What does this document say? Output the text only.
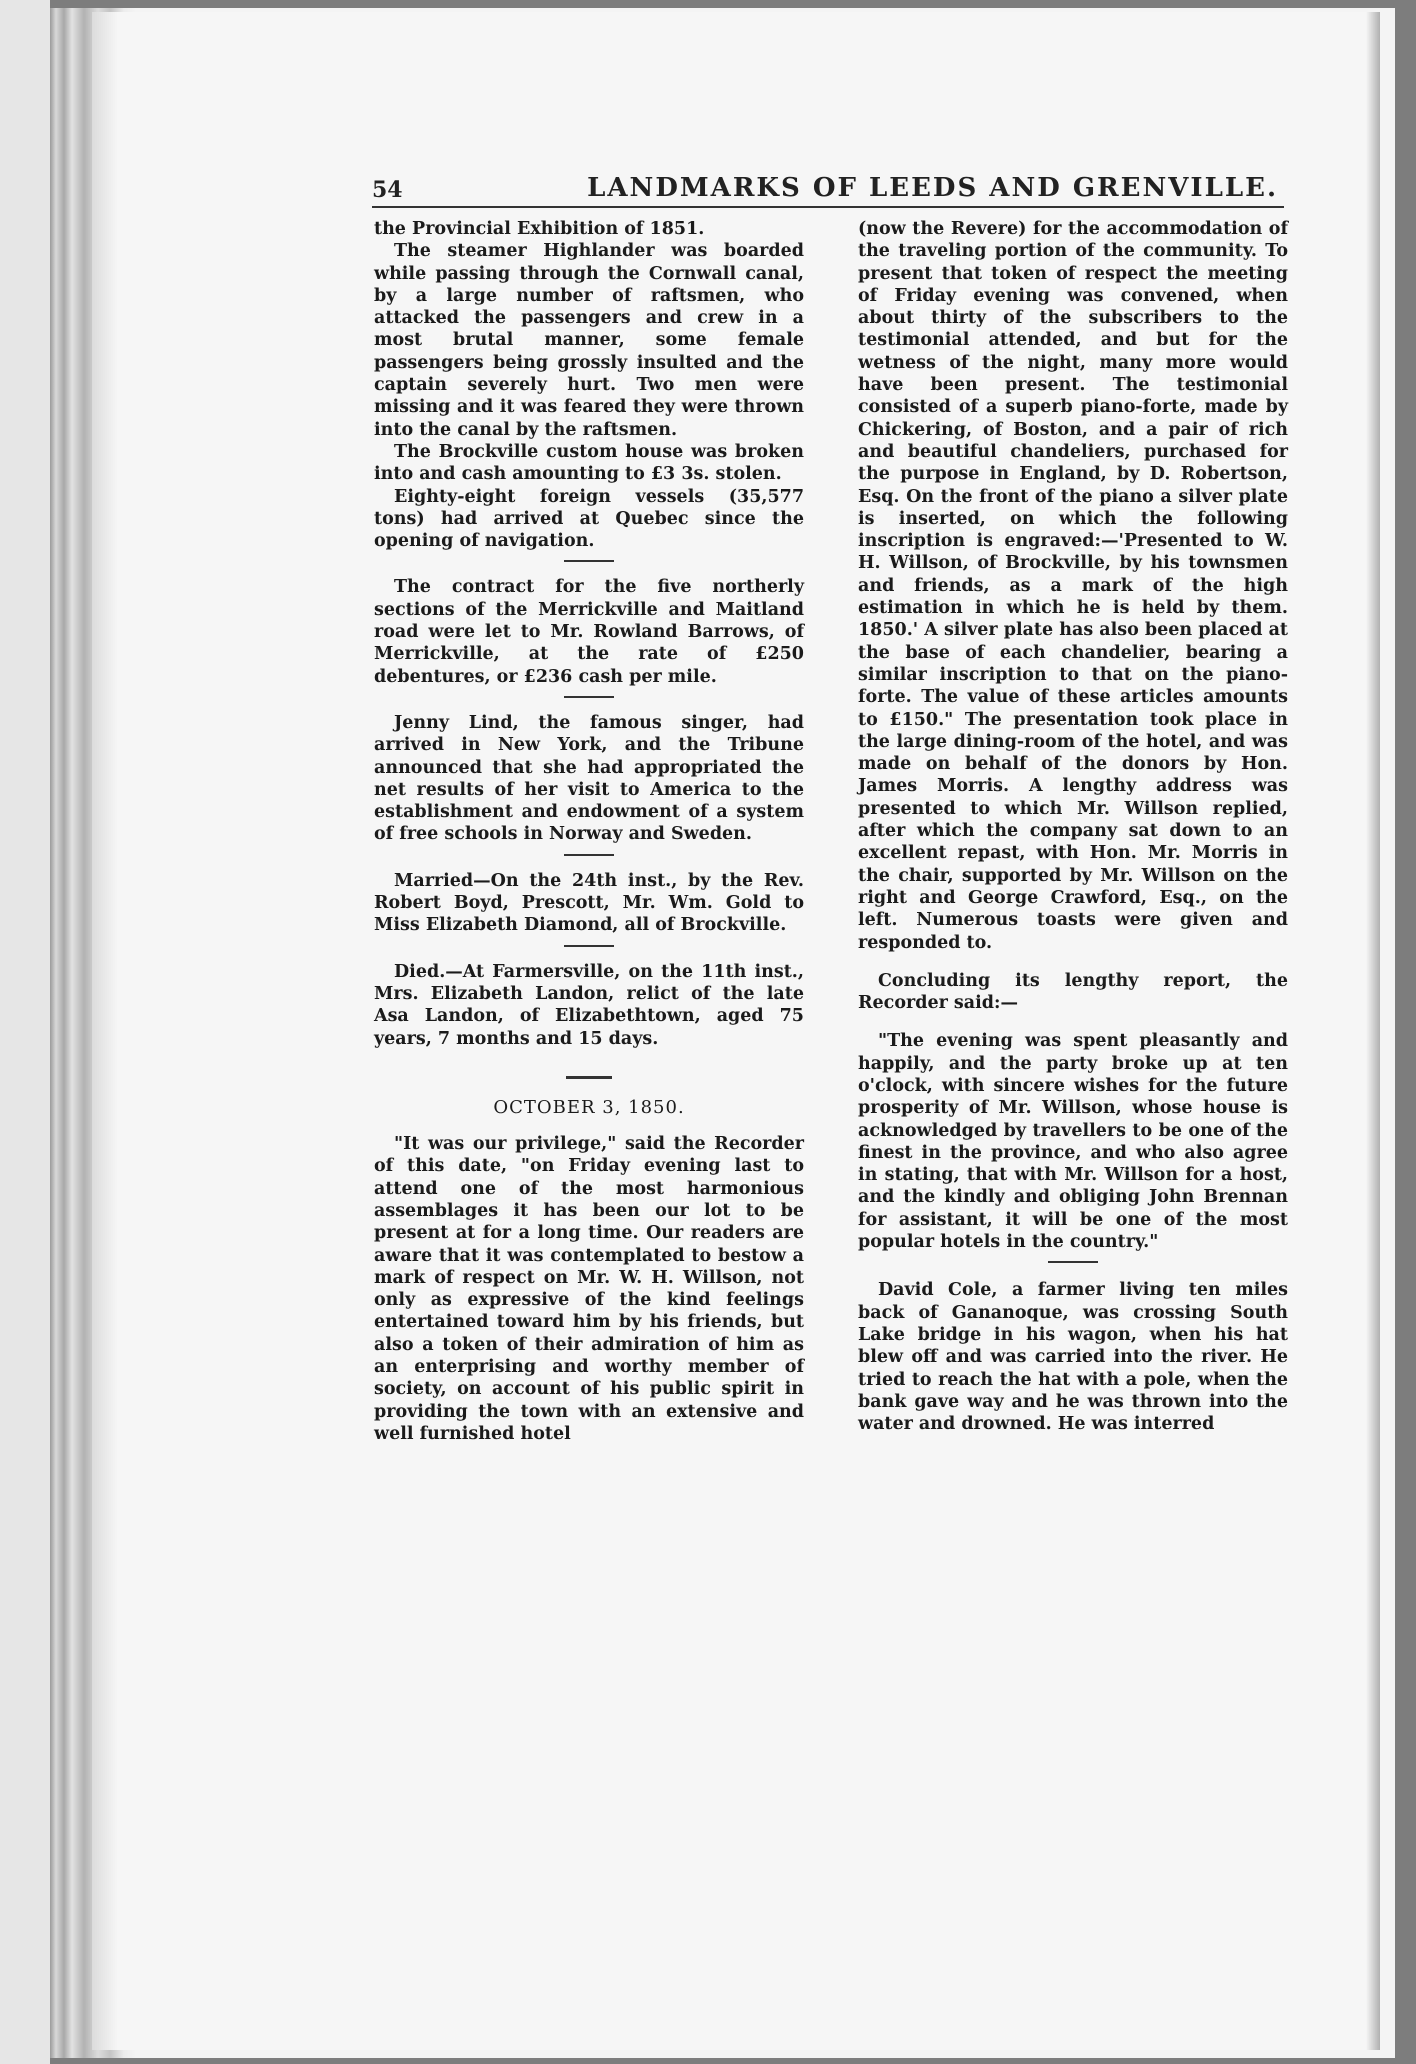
54	LANDMARKS OF LEEDS AND GRENVILLE.

the Provincial Exhibition of 1851.

The steamer Highlander was boarded while passing through the Cornwall canal, by a large number of raftsmen, who attacked the passengers and crew in a most brutal manner, some female passengers being grossly insulted and the captain severely hurt. Two men were missing and it was feared they were thrown into the canal by the raftsmen.

The Brockville custom house was broken into and cash amounting to £3 3s. stolen.

Eighty-eight foreign vessels (35,577 tons) had arrived at Quebec since the opening of navigation.

The contract for the five northerly sections of the Merrickville and Maitland road were let to Mr. Rowland Barrows, of Merrickville, at the rate of £250 debentures, or £236 cash per mile.

Jenny Lind, the famous singer, had arrived in New York, and the Tribune announced that she had appropriated the net results of her visit to America to the establishment and endowment of a system of free schools in Norway and Sweden.

Married—On the 24th inst., by the Rev. Robert Boyd, Prescott, Mr. Wm. Gold to Miss Elizabeth Diamond, all of Brockville.

Died.—At Farmersville, on the 11th inst., Mrs. Elizabeth Landon, relict of the late Asa Landon, of Elizabethtown, aged 75 years, 7 months and 15 days.

OCTOBER 3, 1850.

"It was our privilege," said the Recorder of this date, "on Friday evening last to attend one of the most harmonious assemblages it has been our lot to be present at for a long time. Our readers are aware that it was contemplated to bestow a mark of respect on Mr. W. H. Willson, not only as expressive of the kind feelings entertained toward him by his friends, but also a token of their admiration of him as an enterprising and worthy member of society, on account of his public spirit in providing the town with an extensive and well furnished hotel

(now the Revere) for the accommodation of the traveling portion of the community. To present that token of respect the meeting of Friday evening was convened, when about thirty of the subscribers to the testimonial attended, and but for the wetness of the night, many more would have been present. The testimonial consisted of a superb piano-forte, made by Chickering, of Boston, and a pair of rich and beautiful chandeliers, purchased for the purpose in England, by D. Robertson, Esq. On the front of the piano a silver plate is inserted, on which the following inscription is engraved:—'Presented to W. H. Willson, of Brockville, by his townsmen and friends, as a mark of the high estimation in which he is held by them. 1850.' A silver plate has also been placed at the base of each chandelier, bearing a similar inscription to that on the piano-forte. The value of these articles amounts to £150." The presentation took place in the large dining-room of the hotel, and was made on behalf of the donors by Hon. James Morris. A lengthy address was presented to which Mr. Willson replied, after which the company sat down to an excellent repast, with Hon. Mr. Morris in the chair, supported by Mr. Willson on the right and George Crawford, Esq., on the left. Numerous toasts were given and responded to.

Concluding its lengthy report, the Recorder said:—

"The evening was spent pleasantly and happily, and the party broke up at ten o'clock, with sincere wishes for the future prosperity of Mr. Willson, whose house is acknowledged by travellers to be one of the finest in the province, and who also agree in stating, that with Mr. Willson for a host, and the kindly and obliging John Brennan for assistant, it will be one of the most popular hotels in the country."

David Cole, a farmer living ten miles back of Gananoque, was crossing South Lake bridge in his wagon, when his hat blew off and was carried into the river. He tried to reach the hat with a pole, when the bank gave way and he was thrown into the water and drowned. He was interred
